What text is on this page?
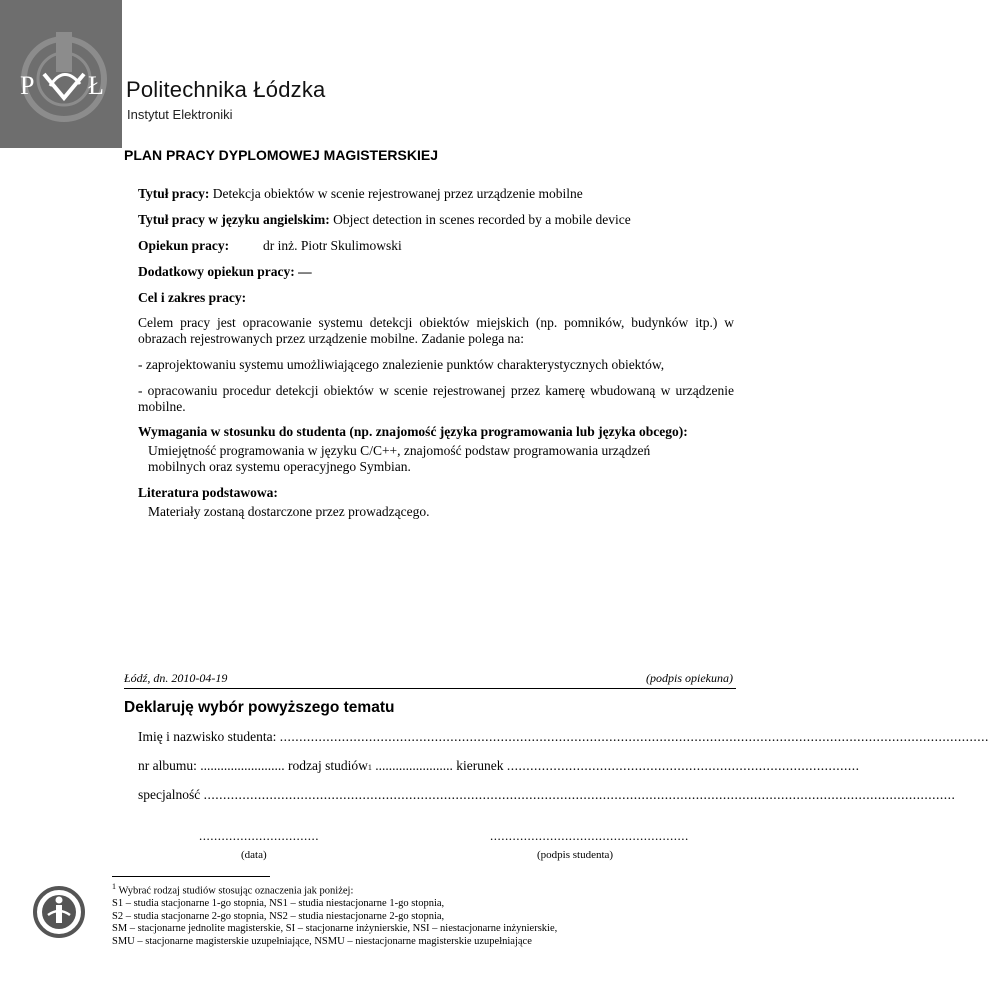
P Ł Politechnika Łódzka
Instytut Elektroniki
PLAN PRACY DYPLOMOWEJ MAGISTERSKIEJ

Tytuł pracy: Detekcja obiektów w scenie rejestrowanej przez urządzenie mobilne

Tytuł pracy w języku angielskim: Object detection in scenes recorded by a mobile device

Opiekun pracy:	dr inż. Piotr Skulimowski

Dodatkowy opiekun pracy: —

Cel i zakres pracy:

Celem pracy jest opracowanie systemu detekcji obiektów miejskich (np. pomników, budynków itp.) w obrazach rejestrowanych przez urządzenie mobilne. Zadanie polega na:

- zaprojektowaniu systemu umożliwiającego znalezienie punktów charakterystycznych obiektów,

- opracowaniu procedur detekcji obiektów w scenie rejestrowanej przez kamerę wbudowaną w urządzenie mobilne.

Wymagania w stosunku do studenta (np. znajomość języka programowania lub języka obcego):

Umiejętność programowania w języku C/C++, znajomość podstaw programowania urządzeń mobilnych oraz systemu operacyjnego Symbian.

Literatura podstawowa:

Materiały zostaną dostarczone przez prowadzącego.

Łódź, dn. 2010-04-19	(podpis opiekuna)
Deklaruję wybór powyższego tematu
Imię i nazwisko studenta:
.......................................................................................................................................................................................
nr albumu:
.........................
rodzaj studiów 1
.......................
kierunek
...........................................................................................
specjalność
..................................................................................................................................................................................................
................................
(data)
.....................................................
(podpis studenta)
$^1$ Wybrać rodzaj studiów stosując oznaczenia jak poniżej:
S1 – studia stacjonarne 1-go stopnia, NS1 – studia niestacjonarne 1-go stopnia,
S2 – studia stacjonarne 2-go stopnia, NS2 – studia niestacjonarne 2-go stopnia,
SM – stacjonarne jednolite magisterskie, SI – stacjonarne inżynierskie, NSI – niestacjonarne inżynierskie,
SMU – stacjonarne magisterskie uzupełniające, NSMU – niestacjonarne magisterskie uzupełniające
